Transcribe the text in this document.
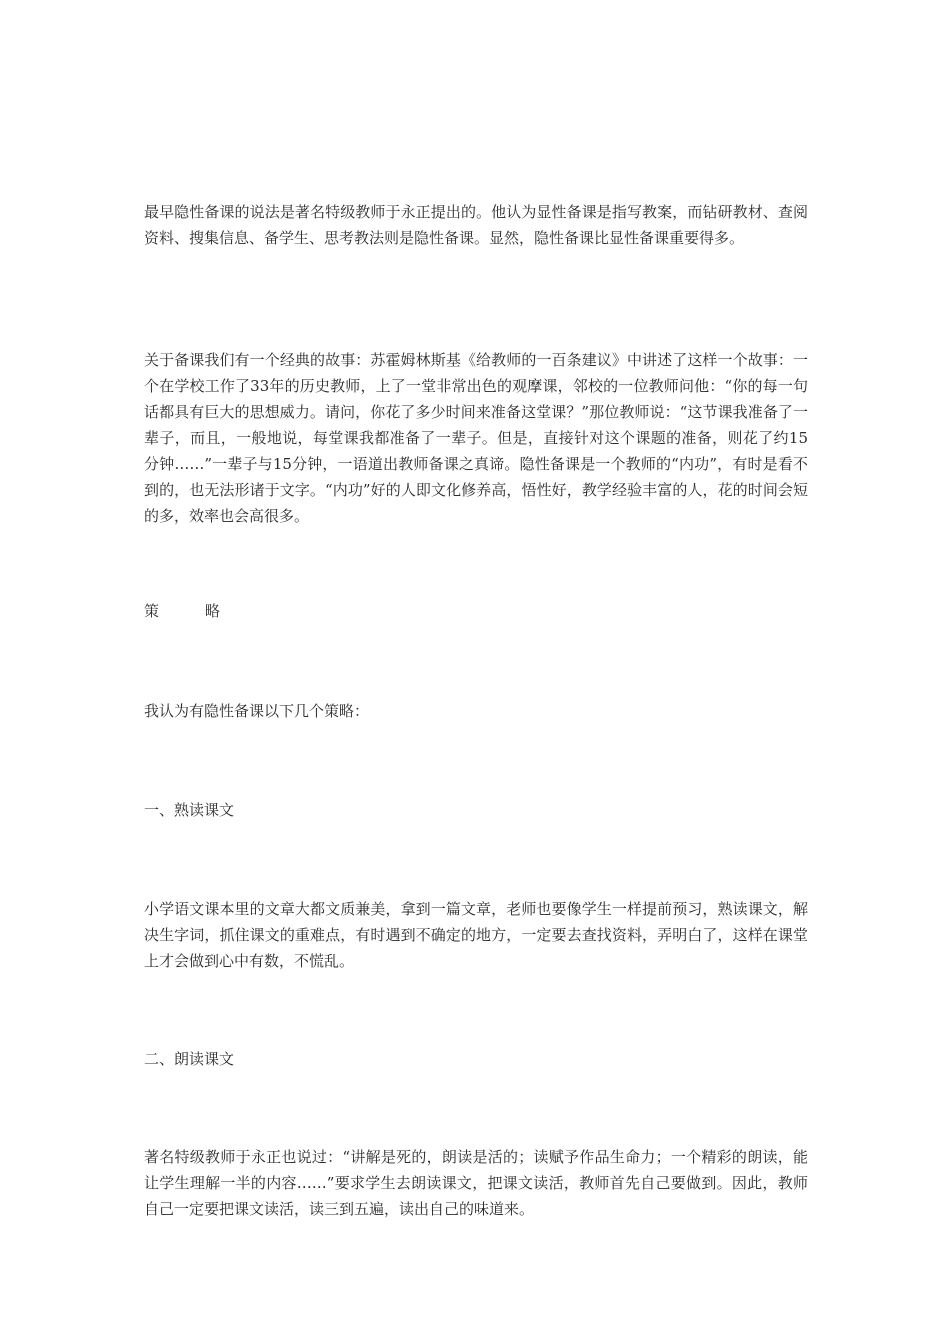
最早隐性备课的说法是著名特级教师于永正提出的。他认为显性备课是指写教案，而钻研教材、查阅资料、搜集信息、备学生、思考教法则是隐性备课。显然，隐性备课比显性备课重要得多。
关于备课我们有一个经典的故事：苏霍姆林斯基《给教师的一百条建议》中讲述了这样一个故事：一个在学校工作了33年的历史教师，上了一堂非常出色的观摩课，邻校的一位教师问他：“你的每一句话都具有巨大的思想威力。请问，你花了多少时间来准备这堂课？”那位教师说：“这节课我准备了一辈子，而且，一般地说，每堂课我都准备了一辈子。但是，直接针对这个课题的准备，则花了约15分钟……”一辈子与15分钟，一语道出教师备课之真谛。隐性备课是一个教师的“内功”，有时是看不到的，也无法形诸于文字。“内功”好的人即文化修养高，悟性好，教学经验丰富的人，花的时间会短的多，效率也会高很多。
策	略
我认为有隐性备课以下几个策略：
一、熟读课文
小学语文课本里的文章大都文质兼美，拿到一篇文章，老师也要像学生一样提前预习，熟读课文，解决生字词，抓住课文的重难点，有时遇到不确定的地方，一定要去查找资料，弄明白了，这样在课堂上才会做到心中有数，不慌乱。
二、朗读课文
著名特级教师于永正也说过：“讲解是死的，朗读是活的；读赋予作品生命力；一个精彩的朗读，能让学生理解一半的内容……”要求学生去朗读课文，把课文读活，教师首先自己要做到。因此，教师自己一定要把课文读活，读三到五遍，读出自己的味道来。
